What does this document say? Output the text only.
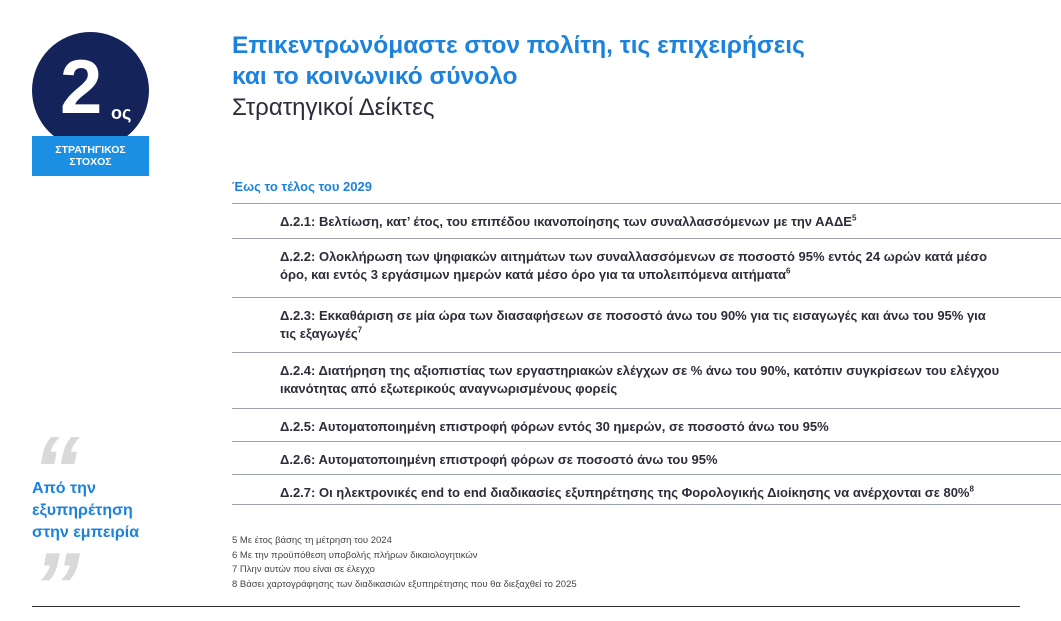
2 ος
ΣΤΡΑΤΗΓΙΚΟΣ
ΣΤΟΧΟΣ
Επικεντρωνόμαστε στον πολίτη, τις επιχειρήσεις
και το κοινωνικό σύνολο
Στρατηγικοί Δείκτες
Έως το τέλος του 2029
Δ.2.1: Βελτίωση, κατ’ έτος, του επιπέδου ικανοποίησης των συναλλασσόμενων με την ΑΑΔΕ$^5$
Δ.2.2: Ολοκλήρωση των ψηφιακών αιτημάτων των συναλλασσόμενων σε ποσοστό 95% εντός 24 ωρών κατά μέσο
όρο, και εντός 3 εργάσιμων ημερών κατά μέσο όρο για τα υπολειπόμενα αιτήματα$^6$
Δ.2.3: Εκκαθάριση σε μία ώρα των διασαφήσεων σε ποσοστό άνω του 90% για τις εισαγωγές και άνω του 95% για
τις εξαγωγές$^7$
Δ.2.4: Διατήρηση της αξιοπιστίας των εργαστηριακών ελέγχων σε % άνω του 90%, κατόπιν συγκρίσεων του ελέγχου
ικανότητας από εξωτερικούς αναγνωρισμένους φορείς
Δ.2.5: Αυτοματοποιημένη επιστροφή φόρων εντός 30 ημερών, σε ποσοστό άνω του 95%
Δ.2.6: Αυτοματοποιημένη επιστροφή φόρων σε ποσοστό άνω του 95%
Δ.2.7: Οι ηλεκτρονικές end to end διαδικασίες εξυπηρέτησης της Φορολογικής Διοίκησης να ανέρχονται σε 80%$^8$
5 Με έτος βάσης τη μέτρηση του 2024
6 Με την προϋπόθεση υποβολής πλήρων δικαιολογητικών
7 Πλην αυτών που είναι σε έλεγχο
8 Βάσει χαρτογράφησης των διαδικασιών εξυπηρέτησης που θα διεξαχθεί το 2025
Από την
εξυπηρέτηση
στην εμπειρία
